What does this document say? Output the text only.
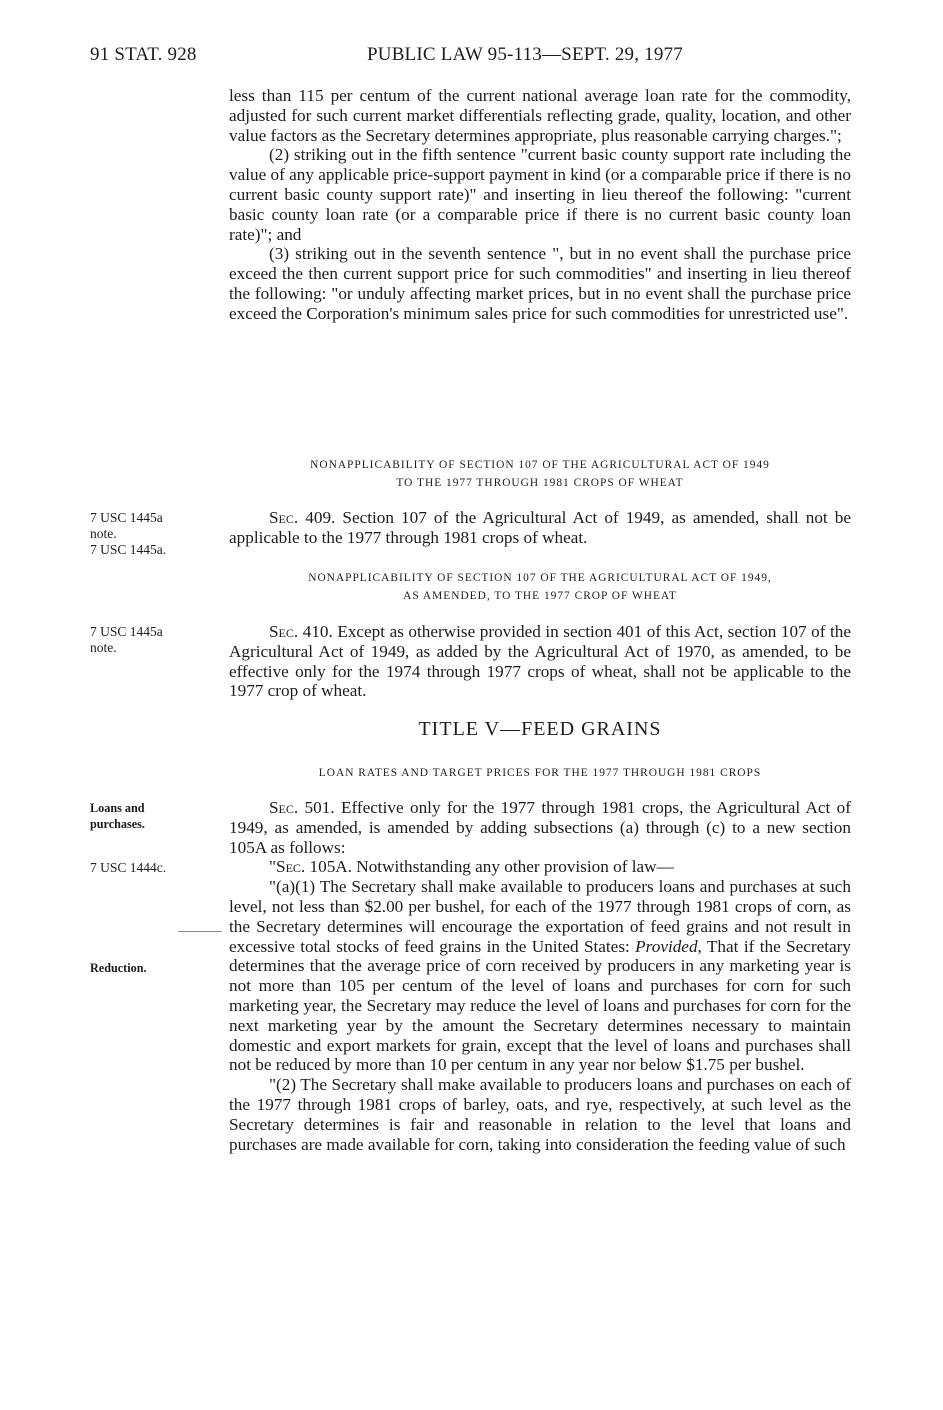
91 STAT. 928	PUBLIC LAW 95-113—SEPT. 29, 1977

less than 115 per centum of the current national average loan rate for the commodity, adjusted for such current market differentials reflecting grade, quality, location, and other value factors as the Secretary determines appropriate, plus reasonable carrying charges.";

(2) striking out in the fifth sentence "current basic county support rate including the value of any applicable price-support payment in kind (or a comparable price if there is no current basic county support rate)" and inserting in lieu thereof the following: "current basic county loan rate (or a comparable price if there is no current basic county loan rate)"; and

(3) striking out in the seventh sentence ", but in no event shall the purchase price exceed the then current support price for such commodities" and inserting in lieu thereof the following: "or unduly affecting market prices, but in no event shall the purchase price exceed the Corporation's minimum sales price for such commodities for unrestricted use".

NONAPPLICABILITY OF SECTION 107 OF THE AGRICULTURAL ACT OF 1949
TO THE 1977 THROUGH 1981 CROPS OF WHEAT

Sec. 409. Section 107 of the Agricultural Act of 1949, as amended, shall not be applicable to the 1977 through 1981 crops of wheat.

7 USC 1445a
note.
7 USC 1445a.
NONAPPLICABILITY OF SECTION 107 OF THE AGRICULTURAL ACT OF 1949,
AS AMENDED, TO THE 1977 CROP OF WHEAT

Sec. 410. Except as otherwise provided in section 401 of this Act, section 107 of the Agricultural Act of 1949, as added by the Agricultural Act of 1970, as amended, to be effective only for the 1974 through 1977 crops of wheat, shall not be applicable to the 1977 crop of wheat.

7 USC 1445a
note.
TITLE V—FEED GRAINS
LOAN RATES AND TARGET PRICES FOR THE 1977 THROUGH 1981 CROPS

Sec. 501. Effective only for the 1977 through 1981 crops, the Agricultural Act of 1949, as amended, is amended by adding subsections (a) through (c) to a new section 105A as follows:

"Sec. 105A. Notwithstanding any other provision of law—

"(a)(1) The Secretary shall make available to producers loans and purchases at such level, not less than $2.00 per bushel, for each of the 1977 through 1981 crops of corn, as the Secretary determines will encourage the exportation of feed grains and not result in excessive total stocks of feed grains in the United States: Provided, That if the Secretary determines that the average price of corn received by producers in any marketing year is not more than 105 per centum of the level of loans and purchases for corn for such marketing year, the Secretary may reduce the level of loans and purchases for corn for the next marketing year by the amount the Secretary determines necessary to maintain domestic and export markets for grain, except that the level of loans and purchases shall not be reduced by more than 10 per centum in any year nor below $1.75 per bushel.

"(2) The Secretary shall make available to producers loans and purchases on each of the 1977 through 1981 crops of barley, oats, and rye, respectively, at such level as the Secretary determines is fair and reasonable in relation to the level that loans and purchases are made available for corn, taking into consideration the feeding value of such

Loans and
purchases.
7 USC 1444c.
Reduction.
